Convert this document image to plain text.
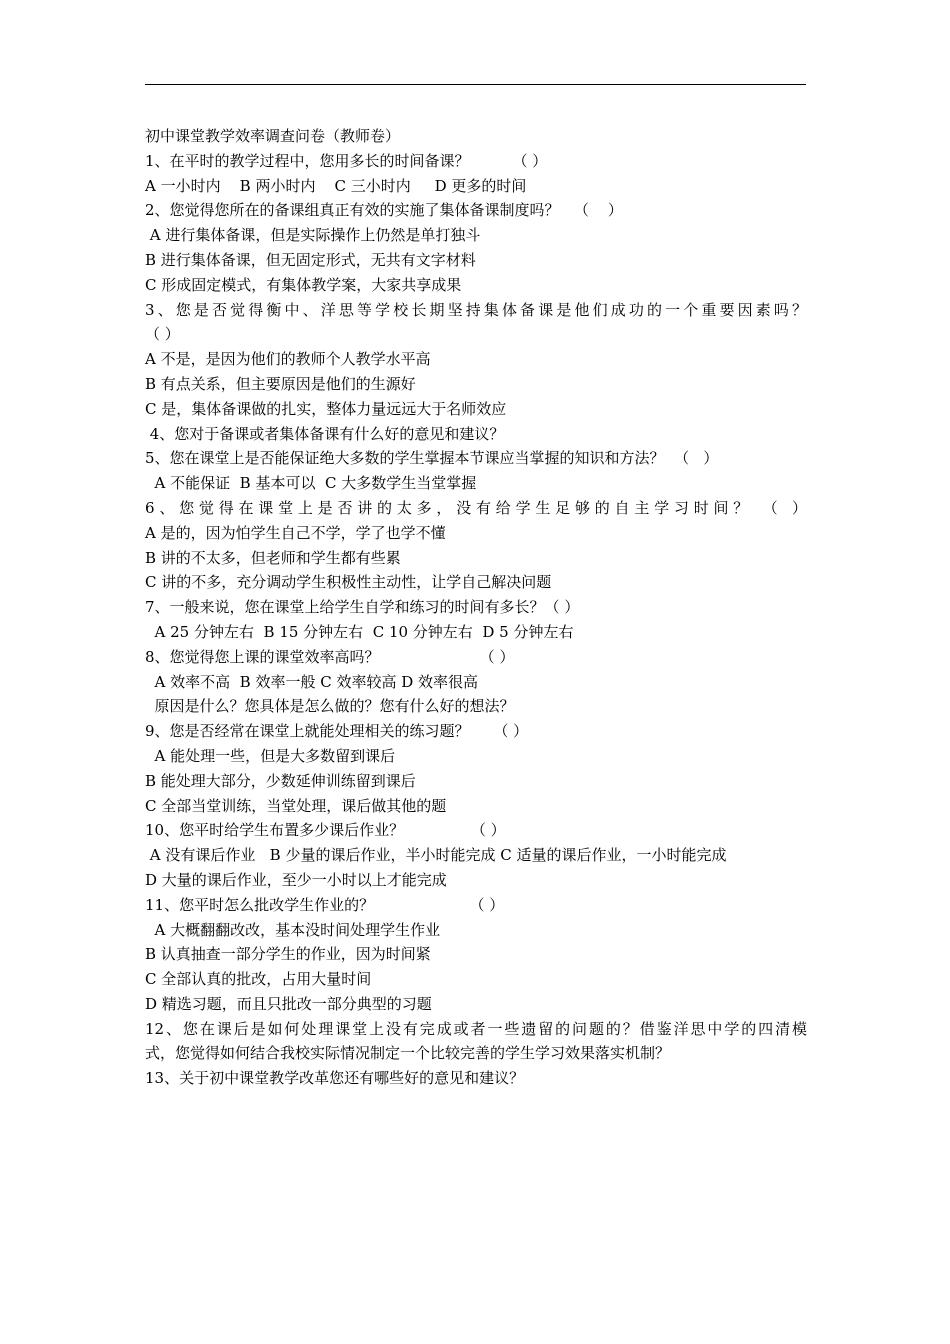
初中课堂教学效率调查问卷（教师卷）
1、在平时的教学过程中，您用多长的时间备课？         （ ）
A 一小时内    B 两小时内    C 三小时内     D 更多的时间
2、您觉得您所在的备课组真正有效的实施了集体备课制度吗？   （    ）
A 进行集体备课，但是实际操作上仍然是单打独斗
B 进行集体备课，但无固定形式，无共有文字材料
C 形成固定模式，有集体教学案，大家共享成果
3、您是否觉得衡中、洋思等学校长期坚持集体备课是他们成功的一个重要因素吗？
（ ）
A 不是，是因为他们的教师个人教学水平高
B 有点关系，但主要原因是他们的生源好
C 是，集体备课做的扎实，整体力量远远大于名师效应
4、您对于备课或者集体备课有什么好的意见和建议？
5、您在课堂上是否能保证绝大多数的学生掌握本节课应当掌握的知识和方法？  （   ）
A 不能保证  B 基本可以  C 大多数学生当堂掌握
6、您觉得在课堂上是否讲的太多，没有给学生足够的自主学习时间？ （ ）
A 是的，因为怕学生自己不学，学了也学不懂
B 讲的不太多，但老师和学生都有些累
C 讲的不多，充分调动学生积极性主动性，让学自己解决问题
7、一般来说，您在课堂上给学生自学和练习的时间有多长？（ ）
A 25 分钟左右  B 15 分钟左右  C 10 分钟左右  D 5 分钟左右
8、您觉得您上课的课堂效率高吗？                     （ ）
A 效率不高  B 效率一般 C 效率较高 D 效率很高
原因是什么？您具体是怎么做的？您有什么好的想法？
9、您是否经常在课堂上就能处理相关的练习题？     （ ）
A 能处理一些，但是大多数留到课后
B 能处理大部分，少数延伸训练留到课后
C 全部当堂训练，当堂处理，课后做其他的题
10、您平时给学生布置多少课后作业？              （ ）
A 没有课后作业   B 少量的课后作业，半小时能完成 C 适量的课后作业，一小时能完成
D 大量的课后作业，至少一小时以上才能完成
11、您平时怎么批改学生作业的？                    （ ）
A 大概翻翻改改，基本没时间处理学生作业
B 认真抽查一部分学生的作业，因为时间紧
C 全部认真的批改，占用大量时间
D 精选习题，而且只批改一部分典型的习题
12、您在课后是如何处理课堂上没有完成或者一些遗留的问题的？借鉴洋思中学的四清模
式，您觉得如何结合我校实际情况制定一个比较完善的学生学习效果落实机制？
13、关于初中课堂教学改革您还有哪些好的意见和建议？
